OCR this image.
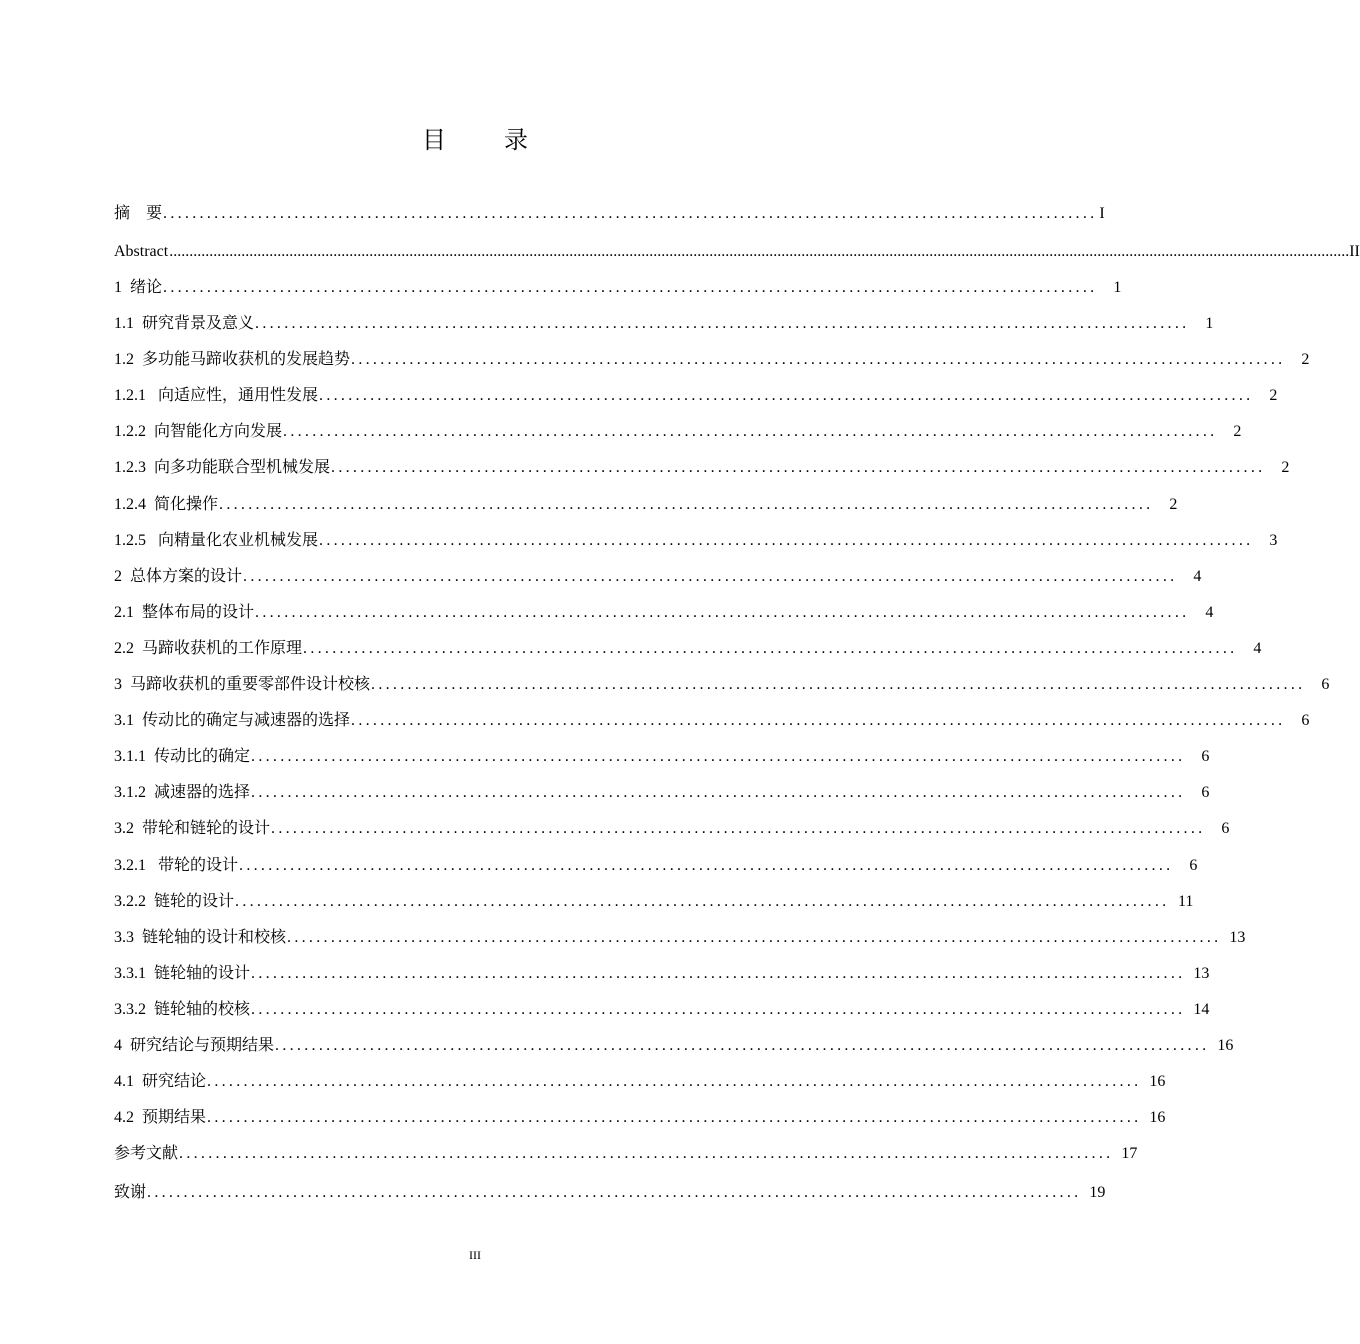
目 录
摘    要 ................................................................................................................................ I
Abstract ....................................................................................................................................................................................................................................................................................................... II
1  绪论 ................................................................................................................................	1
1.1  研究背景及意义 ................................................................................................................................	1
1.2  多功能马蹄收获机的发展趋势 ................................................................................................................................	2
1.2.1   向适应性，通用性发展 ................................................................................................................................	2
1.2.2  向智能化方向发展 ................................................................................................................................	2
1.2.3  向多功能联合型机械发展 ................................................................................................................................	2
1.2.4  简化操作 ................................................................................................................................	2
1.2.5   向精量化农业机械发展 ................................................................................................................................	3
2  总体方案的设计 ................................................................................................................................	4
2.1  整体布局的设计 ................................................................................................................................	4
2.2  马蹄收获机的工作原理 ................................................................................................................................	4
3  马蹄收获机的重要零部件设计校核 ................................................................................................................................	6
3.1  传动比的确定与减速器的选择 ................................................................................................................................	6
3.1.1  传动比的确定 ................................................................................................................................	6
3.1.2  减速器的选择 ................................................................................................................................	6
3.2  带轮和链轮的设计 ................................................................................................................................	6
3.2.1   带轮的设计 ................................................................................................................................	6
3.2.2  链轮的设计 ................................................................................................................................ 11
3.3  链轮轴的设计和校核 ................................................................................................................................ 13
3.3.1  链轮轴的设计 ................................................................................................................................ 13
3.3.2  链轮轴的校核 ................................................................................................................................ 14
4  研究结论与预期结果 ................................................................................................................................ 16
4.1  研究结论 ................................................................................................................................ 16
4.2  预期结果 ................................................................................................................................ 16
参考文献 ................................................................................................................................ 17
致谢 ................................................................................................................................ 19
III
